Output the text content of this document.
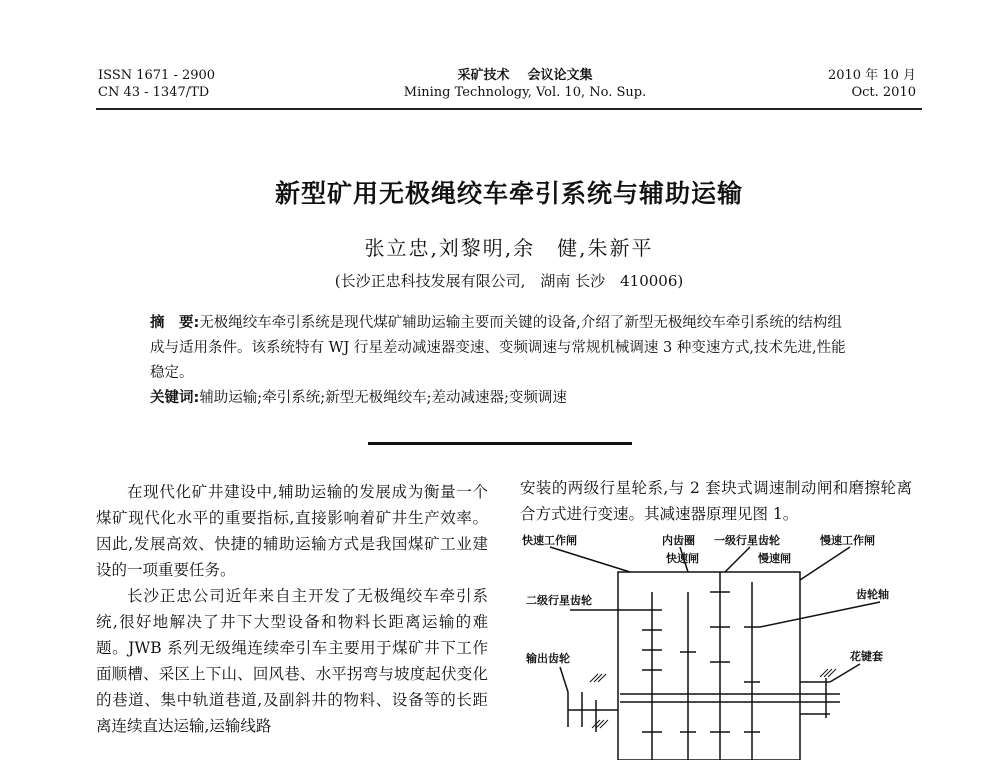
ISSN 1671 - 2900
CN 43 - 1347/TD
采矿技术    会议论文集
Mining Technology, Vol. 10, No. Sup.
2010 年 10 月
Oct. 2010
新型矿用无极绳绞车牵引系统与辅助运输
张立忠,刘黎明,余　健,朱新平
(长沙正忠科技发展有限公司,　湖南 长沙　410006)

摘　要:无极绳绞车牵引系统是现代煤矿辅助运输主要而关键的设备,介绍了新型无极绳绞车牵引系统的结构组成与适用条件。该系统特有 WJ 行星差动减速器变速、变频调速与常规机械调速 3 种变速方式,技术先进,性能稳定。

关键词:辅助运输;牵引系统;新型无极绳绞车;差动减速器;变频调速

在现代化矿井建设中,辅助运输的发展成为衡量一个煤矿现代化水平的重要指标,直接影响着矿井生产效率。因此,发展高效、快捷的辅助运输方式是我国煤矿工业建设的一项重要任务。

长沙正忠公司近年来自主开发了无极绳绞车牵引系统,很好地解决了井下大型设备和物料长距离运输的难题。JWB 系列无级绳连续牵引车主要用于煤矿井下工作面顺槽、采区上下山、回风巷、水平拐弯与坡度起伏变化的巷道、集中轨道巷道,及副斜井的物料、设备等的长距离连续直达运输,运输线路

安装的两级行星轮系,与 2 套块式调速制动闸和磨擦轮离合方式进行变速。其减速器原理见图 1。

快速工作闸	内齿圈 一级行星齿轮	慢速工作闸
快速闸	慢速闸
二级行星齿轮	齿轮轴
输出齿轮	花键套
